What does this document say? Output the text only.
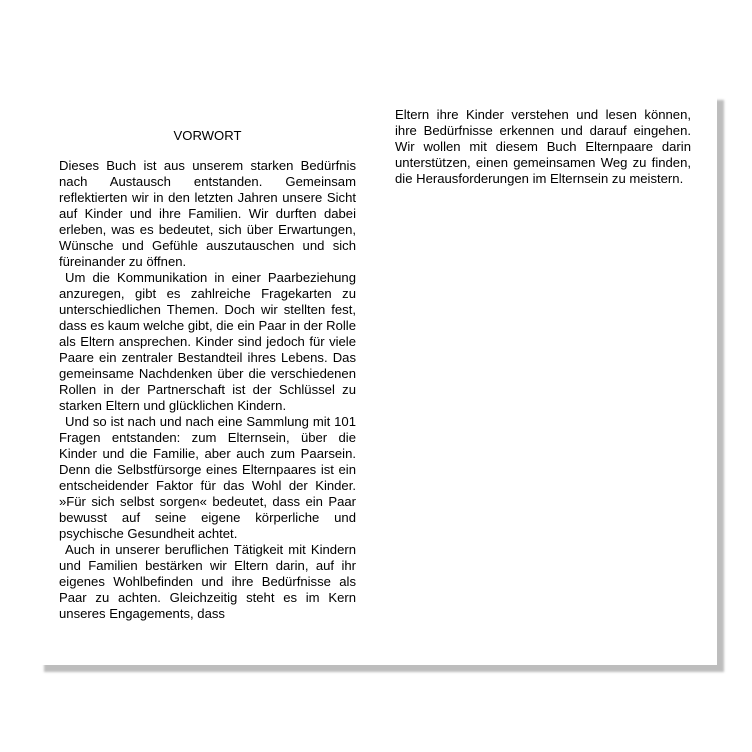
VORWORT

Dieses Buch ist aus unserem starken Bedürfnis nach Austausch entstanden. Gemeinsam reflektierten wir in den letzten Jahren unsere Sicht auf Kinder und ihre Familien. Wir durften dabei erleben, was es bedeutet, sich über Erwartungen, Wünsche und Gefühle auszutauschen und sich füreinander zu öffnen.

Um die Kommunikation in einer Paarbeziehung anzuregen, gibt es zahlreiche Fragekarten zu unterschiedlichen Themen. Doch wir stellten fest, dass es kaum welche gibt, die ein Paar in der Rolle als Eltern ansprechen. Kinder sind jedoch für viele Paare ein zentraler Bestandteil ihres Lebens. Das gemeinsame Nachdenken über die verschiedenen Rollen in der Partnerschaft ist der Schlüssel zu starken Eltern und glücklichen Kindern.

Und so ist nach und nach eine Sammlung mit 101 Fragen entstanden: zum Elternsein, über die Kinder und die Familie, aber auch zum Paarsein. Denn die Selbstfürsorge eines Elternpaares ist ein entscheidender Faktor für das Wohl der Kinder. »Für sich selbst sorgen« bedeutet, dass ein Paar bewusst auf seine eigene körperliche und psychische Gesundheit achtet.

Auch in unserer beruflichen Tätigkeit mit Kindern und Familien bestärken wir Eltern darin, auf ihr eigenes Wohlbefinden und ihre Bedürfnisse als Paar zu achten. Gleichzeitig steht es im Kern unseres Engagements, dass

Eltern ihre Kinder verstehen und lesen können, ihre Bedürfnisse erkennen und darauf eingehen. Wir wollen mit diesem Buch Elternpaare darin unterstützen, einen gemeinsamen Weg zu finden, die Herausforderungen im Elternsein zu meistern.
